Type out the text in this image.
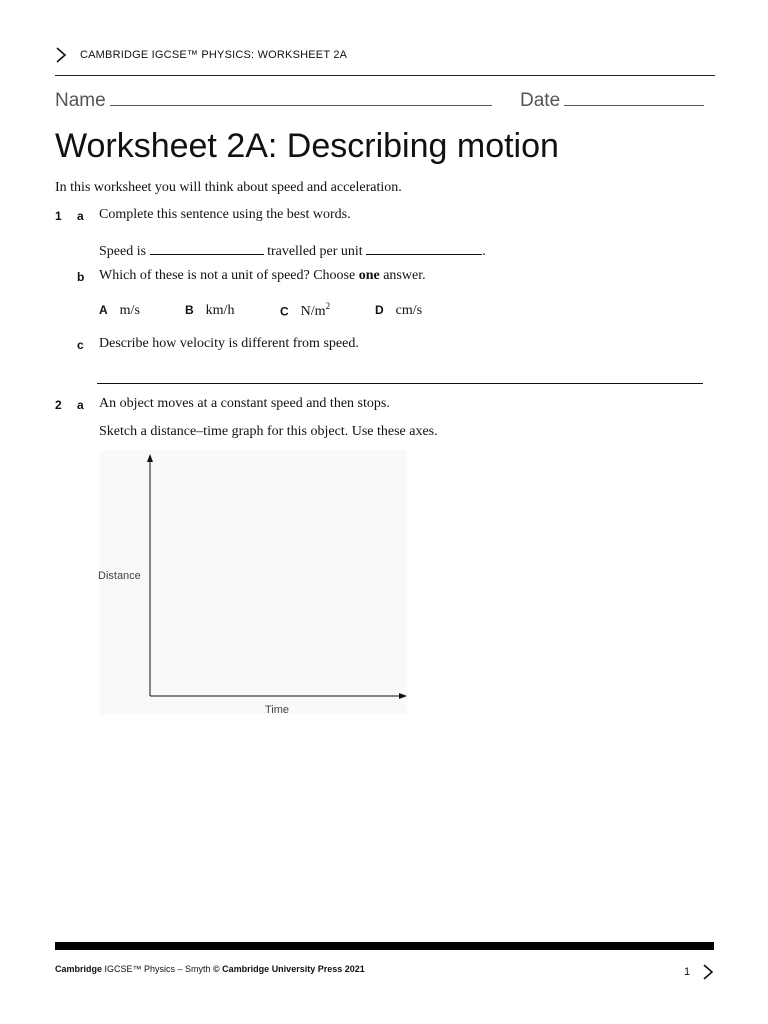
CAMBRIDGE IGCSE™ PHYSICS: WORKSHEET 2A
Name	Date
Worksheet 2A: Describing motion
In this worksheet you will think about speed and acceleration.
1 a Complete this sentence using the best words.
Speed is	travelled per unit	.
b Which of these is not a unit of speed? Choose one answer.
A m/s	B km/h	C $N/m^2$	D cm/s
c Describe how velocity is different from speed.
2 a An object moves at a constant speed and then stops.
Sketch a distance–time graph for this object. Use these axes.
Distance
Time
Cambridge IGCSE™ Physics – Smyth © Cambridge University Press 2021	1
